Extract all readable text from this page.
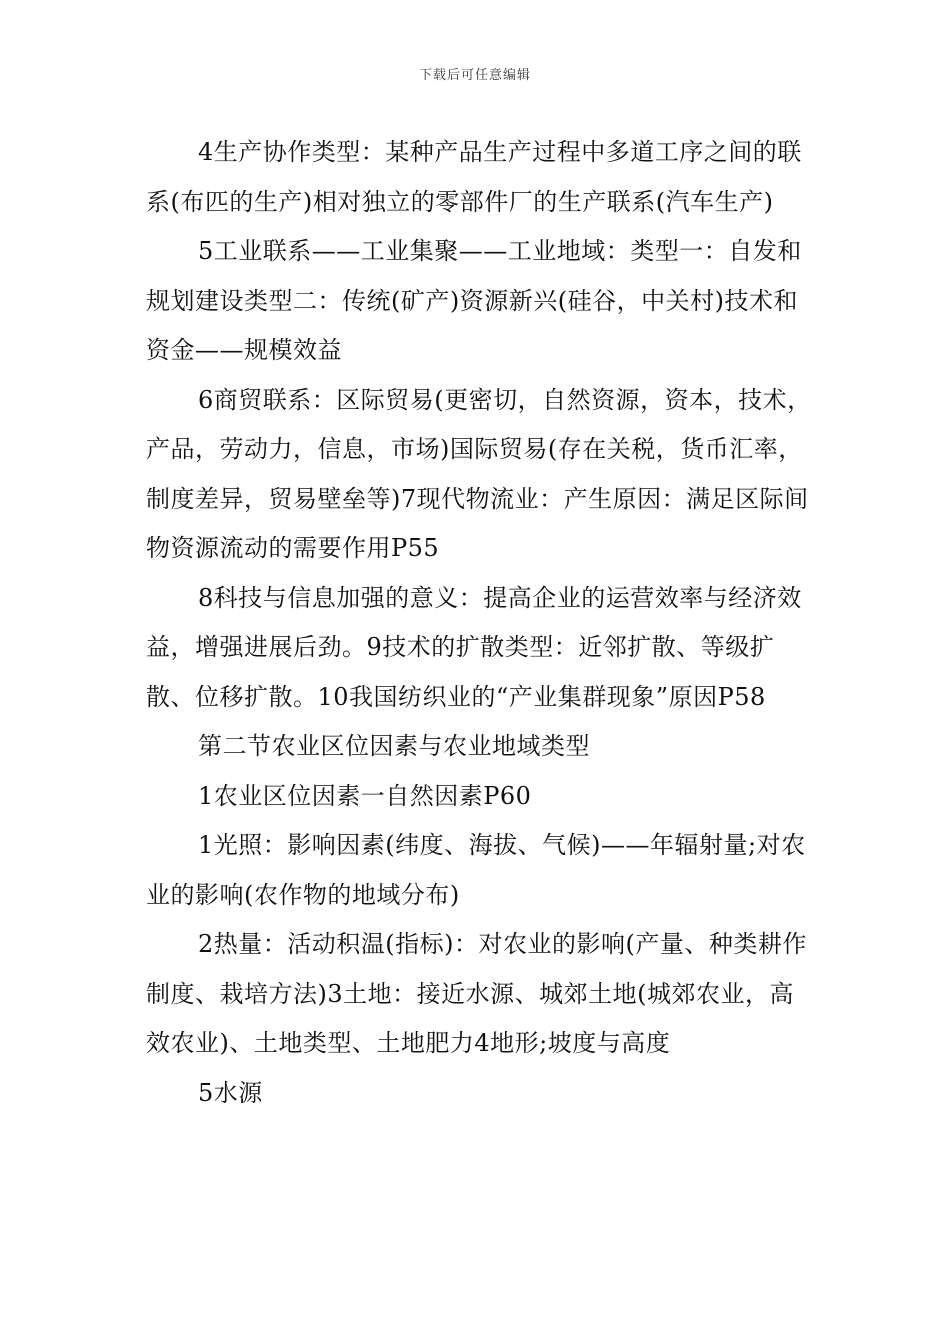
下载后可任意编辑

4生产协作类型：某种产品生产过程中多道工序之间的联系(布匹的生产)相对独立的零部件厂的生产联系(汽车生产)

5工业联系——工业集聚——工业地域：类型一：自发和规划建设类型二：传统(矿产)资源新兴(硅谷，中关村)技术和资金——规模效益

6商贸联系：区际贸易(更密切，自然资源，资本，技术，产品，劳动力，信息，市场)国际贸易(存在关税，货币汇率，制度差异，贸易壁垒等)7现代物流业：产生原因：满足区际间物资源流动的需要作用P55

8科技与信息加强的意义：提高企业的运营效率与经济效益，增强进展后劲。9技术的扩散类型：近邻扩散、等级扩散、位移扩散。10我国纺织业的“产业集群现象”原因P58

第二节农业区位因素与农业地域类型

1农业区位因素一自然因素P60

1光照：影响因素(纬度、海拔、气候)——年辐射量;对农业的影响(农作物的地域分布)

2热量：活动积温(指标)：对农业的影响(产量、种类耕作制度、栽培方法)3土地：接近水源、城郊土地(城郊农业，高效农业)、土地类型、土地肥力4地形;坡度与高度

5水源
